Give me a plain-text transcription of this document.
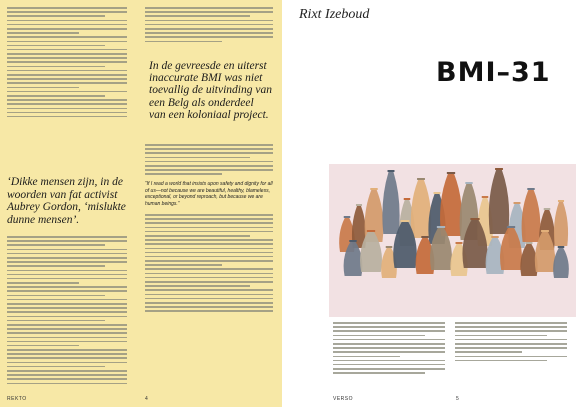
‘Dikke mensen zijn, in de woorden van fat activist Aubrey Gordon, ‘mislukte dunne mensen’.
In de gevreesde en uiterst inaccurate BMI was niet toevallig de uitvinding van een Belg als onderdeel van een koloniaal project.
“If I read a world that insists upon safety and dignity for all of us—not because we are beautiful, healthy, blameless, exceptional, or beyond reproach, but because we are human beings.”
REKTO	4
Rixt Izeboud
BMI–31
VERSO	5
